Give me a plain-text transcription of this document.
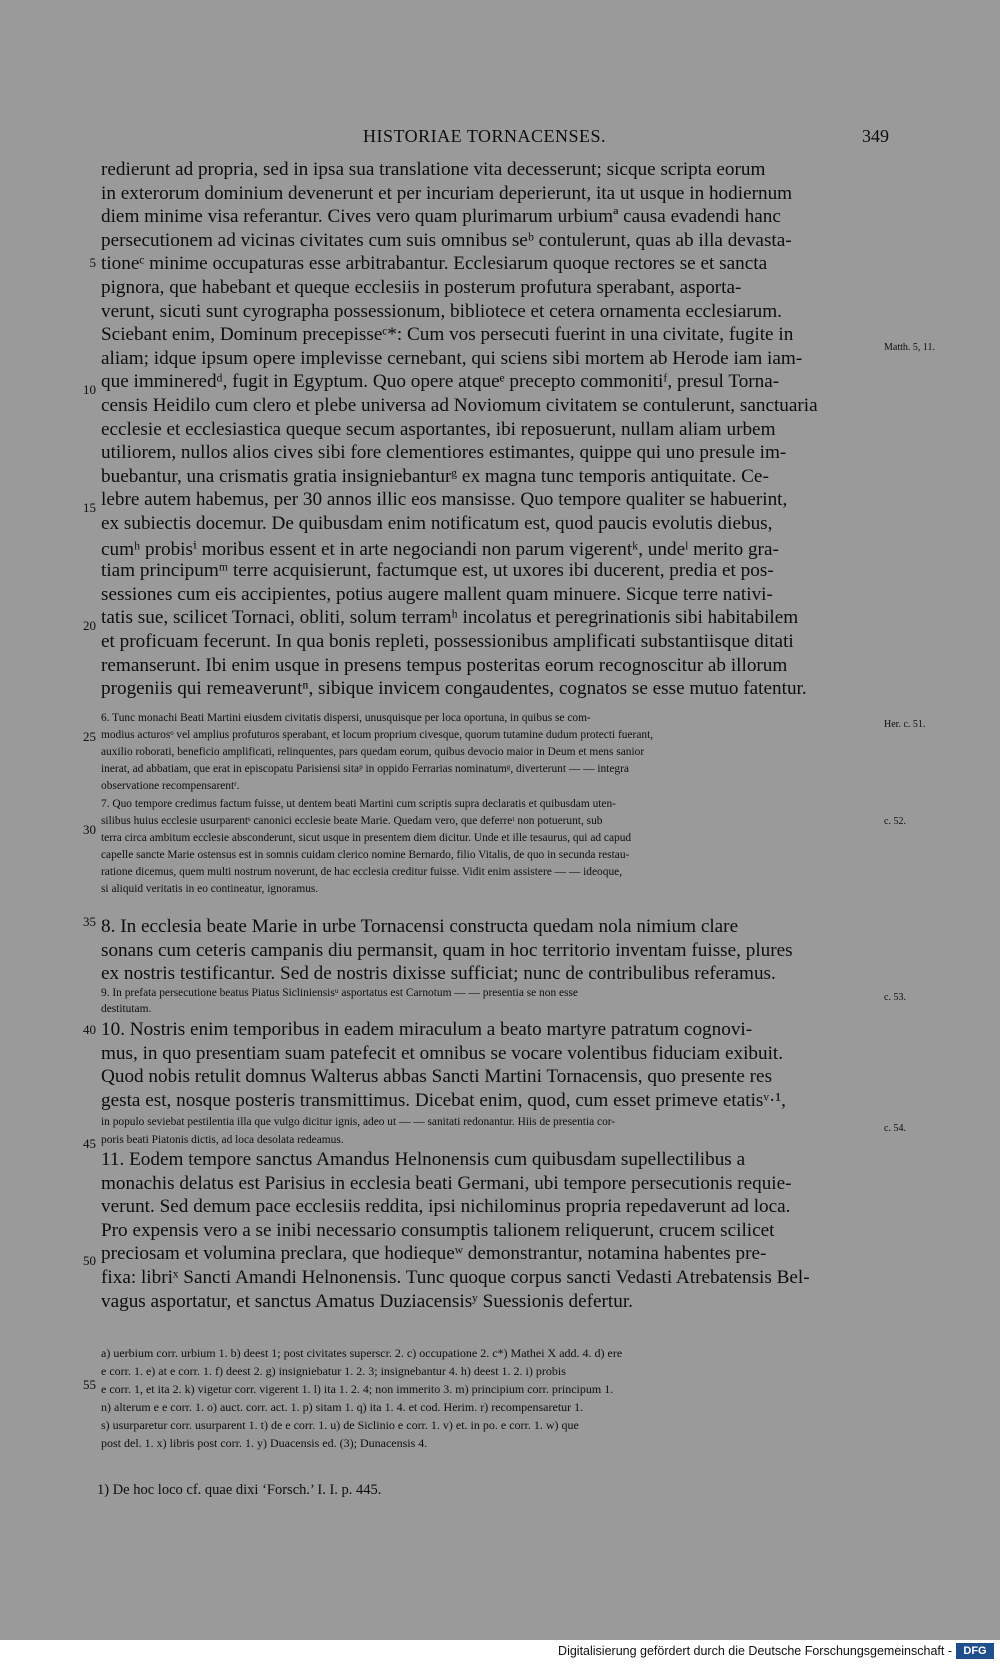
HISTORIAE TORNACENSES.	349
redierunt ad propria, sed in ipsa sua translatione vita decesserunt; sicque scripta eorum
in exterorum dominium devenerunt et per incuriam deperierunt, ita ut usque in hodiernum
diem minime visa referantur. Cives vero quam plurimarum urbiumª causa evadendi hanc
persecutionem ad vicinas civitates cum suis omnibus seᵇ contulerunt, quas ab illa devasta-
tioneᶜ minime occupaturas esse arbitrabantur. Ecclesiarum quoque rectores se et sancta
pignora, que habebant et queque ecclesiis in posterum profutura sperabant, asporta-
verunt, sicuti sunt cyrographa possessionum, bibliotece et cetera ornamenta ecclesiarum.
Sciebant enim, Dominum precepisseᶜ*: Cum vos persecuti fuerint in una civitate, fugite in
aliam; idque ipsum opere implevisse cernebant, qui sciens sibi mortem ab Herode iam iam-
que immineredᵈ, fugit in Egyptum. Quo opere atqueᵉ precepto commonitiᶠ, presul Torna-
censis Heidilo cum clero et plebe universa ad Noviomum civitatem se contulerunt, sanctuaria
ecclesie et ecclesiastica queque secum asportantes, ibi reposuerunt, nullam aliam urbem
utiliorem, nullos alios cives sibi fore clementiores estimantes, quippe qui uno presule im-
buebantur, una crismatis gratia insigniebanturᵍ ex magna tunc temporis antiquitate. Ce-
lebre autem habemus, per 30 annos illic eos mansisse. Quo tempore qualiter se habuerint,
ex subiectis docemur. De quibusdam enim notificatum est, quod paucis evolutis diebus,
cumʰ probisⁱ moribus essent et in arte negociandi non parum vigerentᵏ, undeˡ merito gra-
tiam principumᵐ terre acquisierunt, factumque est, ut uxores ibi ducerent, predia et pos-
sessiones cum eis accipientes, potius augere mallent quam minuere. Sicque terre nativi-
tatis sue, scilicet Tornaci, obliti, solum terramʰ incolatus et peregrinationis sibi habitabilem
et proficuam fecerunt. In qua bonis repleti, possessionibus amplificati substantiisque ditati
remanserunt. Ibi enim usque in presens tempus posteritas eorum recognoscitur ab illorum
progeniis qui remeaveruntⁿ, sibique invicem congaudentes, cognatos se esse mutuo fatentur.
6. Tunc monachi Beati Martini eiusdem civitatis dispersi, unusquisque per loca oportuna, in quibus se com-
modius acturosᵒ vel amplius profuturos sperabant, et locum proprium civesque, quorum tutamine dudum protecti fuerant,
auxilio roborati, beneficio amplificati, relinquentes, pars quedam eorum, quibus devocio maior in Deum et mens sanior
inerat, ad abbatiam, que erat in episcopatu Parisiensi sitaᵖ in oppido Ferrarias nominatumᵍ, diverterunt — — integra
observatione recompensarentʳ.
7. Quo tempore credimus factum fuisse, ut dentem beati Martini cum scriptis supra declaratis et quibusdam uten-
silibus huius ecclesie usurparentˢ canonici ecclesie beate Marie. Quedam vero, que deferreᵗ non potuerunt, sub
terra circa ambitum ecclesie absconderunt, sicut usque in presentem diem dicitur. Unde et ille tesaurus, qui ad capud
capelle sancte Marie ostensus est in somnis cuidam clerico nomine Bernardo, filio Vitalis, de quo in secunda restau-
ratione dicemus, quem multi nostrum noverunt, de hac ecclesia creditur fuisse. Vidit enim assistere — — ideoque,
si aliquid veritatis in eo contineatur, ignoramus.
8. In ecclesia beate Marie in urbe Tornacensi constructa quedam nola nimium clare
sonans cum ceteris campanis diu permansit, quam in hoc territorio inventam fuisse, plures
ex nostris testificantur. Sed de nostris dixisse sufficiat; nunc de contribulibus referamus.
9. In prefata persecutione beatus Piatus Sicliniensisᵘ asportatus est Carnotum — — presentia se non esse
destitutam.
10. Nostris enim temporibus in eadem miraculum a beato martyre patratum cognovi-
mus, in quo presentiam suam patefecit et omnibus se vocare volentibus fiduciam exibuit.
Quod nobis retulit domnus Walterus abbas Sancti Martini Tornacensis, quo presente res
gesta est, nosque posteris transmittimus. Dicebat enim, quod, cum esset primeve etatisᵛ·¹,
in populo seviebat pestilentia illa que vulgo dicitur ignis, adeo ut — — sanitati redonantur. Hiis de presentia cor-
poris beati Piatonis dictis, ad loca desolata redeamus.
11. Eodem tempore sanctus Amandus Helnonensis cum quibusdam supellectilibus a
monachis delatus est Parisius in ecclesia beati Germani, ubi tempore persecutionis requie-
verunt. Sed demum pace ecclesiis reddita, ipsi nichilominus propria repedaverunt ad loca.
Pro expensis vero a se inibi necessario consumptis talionem reliquerunt, crucem scilicet
preciosam et volumina preclara, que hodiequeʷ demonstrantur, notamina habentes pre-
fixa: libriˣ Sancti Amandi Helnonensis. Tunc quoque corpus sancti Vedasti Atrebatensis Bel-
vagus asportatur, et sanctus Amatus Duziacensisʸ Suessionis defertur.
a) uerbium corr. urbium 1. b) deest 1; post civitates superscr. 2. c) occupatione 2. c*) Mathei X add. 4. d) ere
e corr. 1. e) at e corr. 1. f) deest 2. g) insigniebatur 1. 2. 3; insignebantur 4. h) deest 1. 2. i) probis
e corr. 1, et ita 2. k) vigetur corr. vigerent 1. l) ita 1. 2. 4; non immerito 3. m) principium corr. principum 1.
n) alterum e e corr. 1. o) auct. corr. act. 1. p) sitam 1. q) ita 1. 4. et cod. Herim. r) recompensaretur 1.
s) usurparetur corr. usurparent 1. t) de e corr. 1. u) de Siclinio e corr. 1. v) et. in po. e corr. 1. w) que
post del. 1. x) libris post corr. 1. y) Duacensis ed. (3); Dunacensis 4.
1) De hoc loco cf. quae dixi ‘Forsch.’ I. I. p. 445.
5
10
15
20
25
30
35
40
45
50
55
Matth. 5, 11.
Her. c. 51.
c. 52.
c. 53.
c. 54.
Digitalisierung gefördert durch die Deutsche Forschungsgemeinschaft -	DFG
